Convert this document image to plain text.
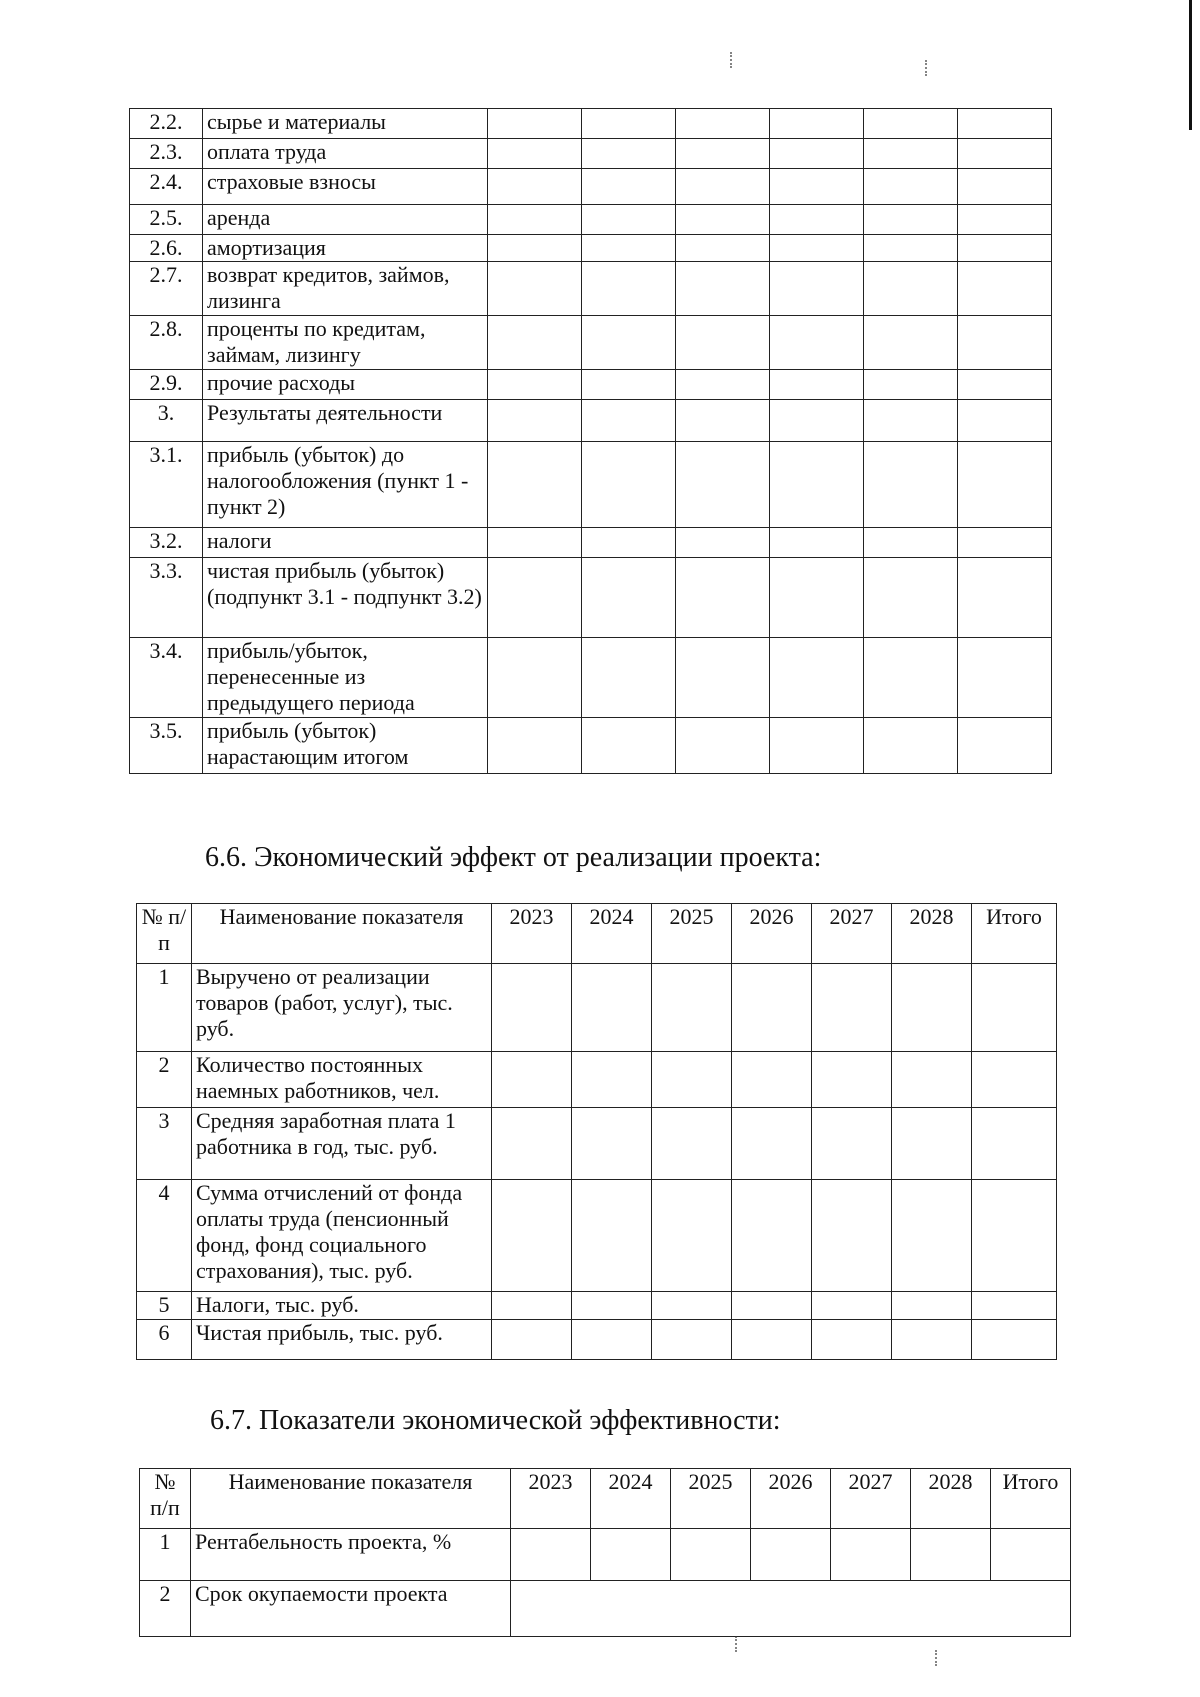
2.2.	сырье и материалы						
2.3.	оплата труда						
2.4.	страховые взносы						
2.5.	аренда						
2.6.	амортизация						
2.7.	возврат кредитов, займов, лизинга						
2.8.	проценты по кредитам, займам, лизингу						
2.9.	прочие расходы						
3.	Результаты деятельности						
3.1.	прибыль (убыток) до налогообложения (пункт 1 - пункт 2)						
3.2.	налоги						
3.3.	чистая прибыль (убыток) (подпункт 3.1 - подпункт 3.2)						
3.4.	прибыль/убыток, перенесенные из предыдущего периода						
3.5.	прибыль (убыток) нарастающим итогом						
6.6. Экономический эффект от реализации проекта:
№ п/п	Наименование показателя	2023	2024	2025	2026	2027	2028	Итого
1	Выручено от реализации товаров (работ, услуг), тыс. руб.							
2	Количество постоянных наемных работников, чел.							
3	Средняя заработная плата 1 работника в год, тыс. руб.							
4	Сумма отчислений от фонда оплаты труда (пенсионный фонд, фонд социального страхования), тыс. руб.							
5	Налоги, тыс. руб.							
6	Чистая прибыль, тыс. руб.							
6.7. Показатели экономической эффективности:
№ п/п	Наименование показателя	2023	2024	2025	2026	2027	2028	Итого
1	Рентабельность проекта, %							
2	Срок окупаемости проекта							
